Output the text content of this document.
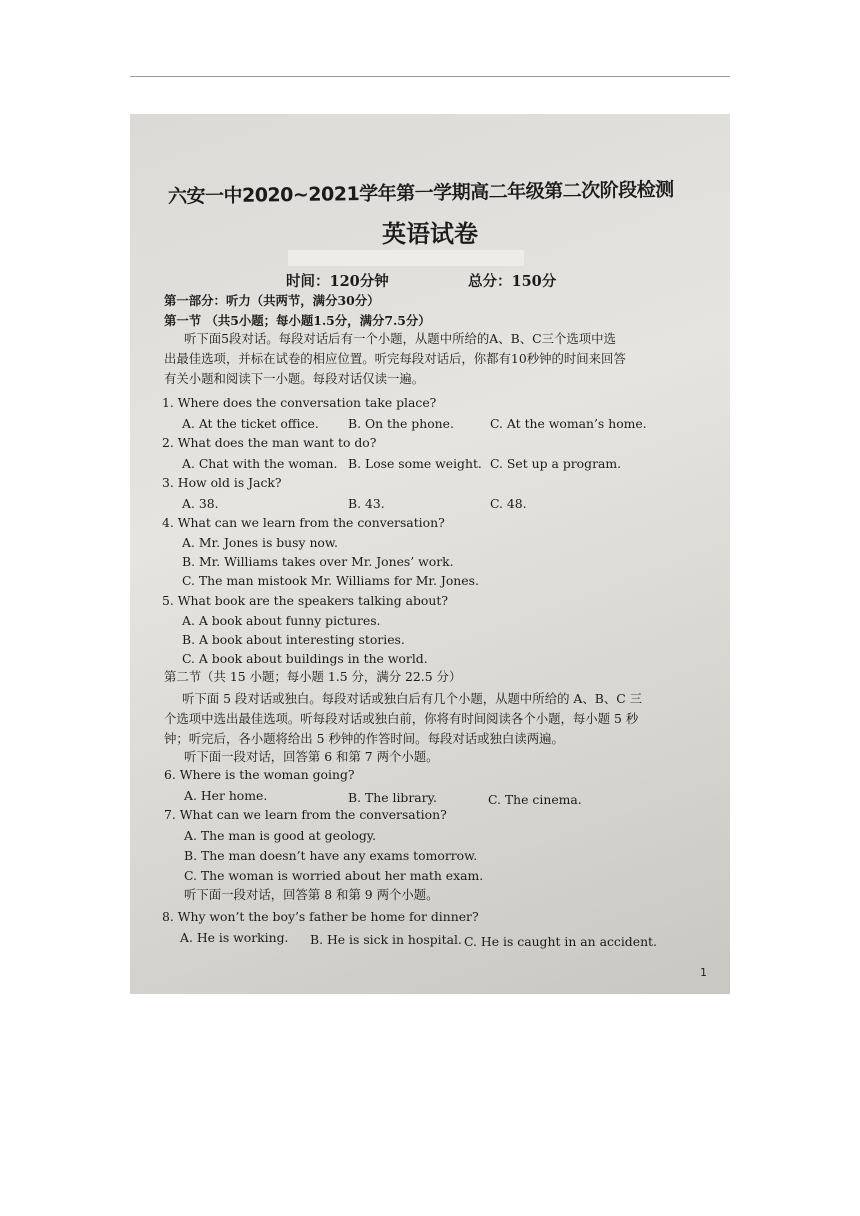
六安一中2020~2021学年第一学期高二年级第二次阶段检测
英语试卷
时间：120分钟	总分：150分
第一部分：听力（共两节，满分30分）
第一节 （共5小题；每小题1.5分，满分7.5分）
听下面5段对话。每段对话后有一个小题，从题中所给的A、B、C三个选项中选
出最佳选项，并标在试卷的相应位置。听完每段对话后，你都有10秒钟的时间来回答
有关小题和阅读下一小题。每段对话仅读一遍。
1. Where does the conversation take place?
A. At the ticket office. B. On the phone.	C. At the woman’s home.
2. What does the man want to do?
A. Chat with the woman. B. Lose some weight. C. Set up a program.
3. How old is Jack?
A. 38.	B. 43.	C. 48.
4. What can we learn from the conversation?
A. Mr. Jones is busy now.
B. Mr. Williams takes over Mr. Jones’ work.
C. The man mistook Mr. Williams for Mr. Jones.
5. What book are the speakers talking about?
A. A book about funny pictures.
B. A book about interesting stories.
C. A book about buildings in the world.
第二节（共 15 小题；每小题 1.5 分，满分 22.5 分）
听下面 5 段对话或独白。每段对话或独白后有几个小题，从题中所给的 A、B、C 三
个选项中选出最佳选项。听每段对话或独白前，你将有时间阅读各个小题，每小题 5 秒
钟；听完后，各小题将给出 5 秒钟的作答时间。每段对话或独白读两遍。
听下面一段对话，回答第 6 和第 7 两个小题。
6. Where is the woman going?
A. Her home.	B. The library.	C. The cinema.
7. What can we learn from the conversation?
A. The man is good at geology.
B. The man doesn’t have any exams tomorrow.
C. The woman is worried about her math exam.
听下面一段对话，回答第 8 和第 9 两个小题。
8. Why won’t the boy’s father be home for dinner?
A. He is working. B. He is sick in hospital. C. He is caught in an accident.
1
